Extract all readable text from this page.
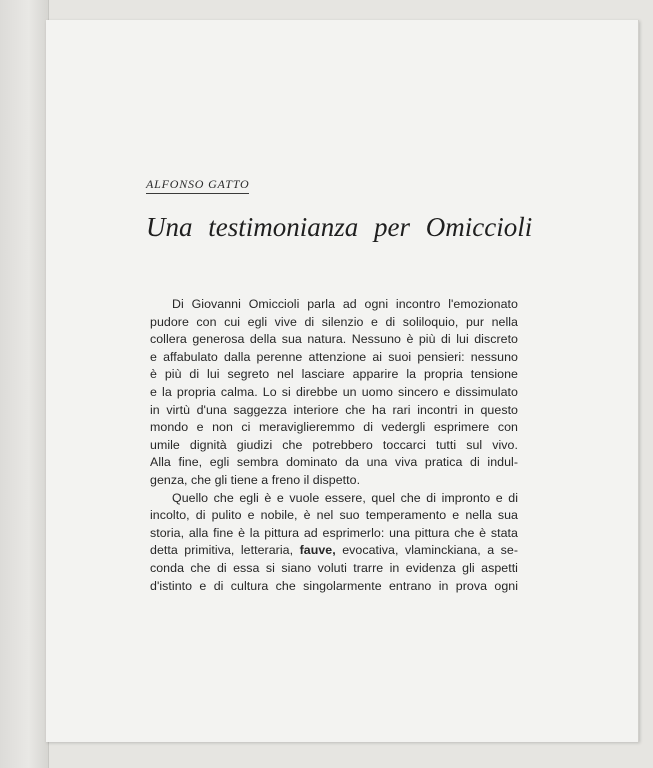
ALFONSO GATTO
Una testimonianza per Omiccioli
Di Giovanni Omiccioli parla ad ogni incontro l'emozionato
pudore con cui egli vive di silenzio e di soliloquio, pur nella
collera generosa della sua natura. Nessuno è più di lui discreto
e affabulato dalla perenne attenzione ai suoi pensieri: nessuno
è più di lui segreto nel lasciare apparire la propria tensione
e la propria calma. Lo si direbbe un uomo sincero e dissimulato
in virtù d'una saggezza interiore che ha rari incontri in questo
mondo e non ci meraviglieremmo di vedergli esprimere con
umile dignità giudizi che potrebbero toccarci tutti sul vivo.
Alla fine, egli sembra dominato da una viva pratica di indul-
genza, che gli tiene a freno il dispetto.
Quello che egli è e vuole essere, quel che di impronto e di
incolto, di pulito e nobile, è nel suo temperamento e nella sua
storia, alla fine è la pittura ad esprimerlo: una pittura che è stata
detta primitiva, letteraria, fauve, evocativa, vlaminckiana, a se-
conda che di essa si siano voluti trarre in evidenza gli aspetti
d'istinto e di cultura che singolarmente entrano in prova ogni
